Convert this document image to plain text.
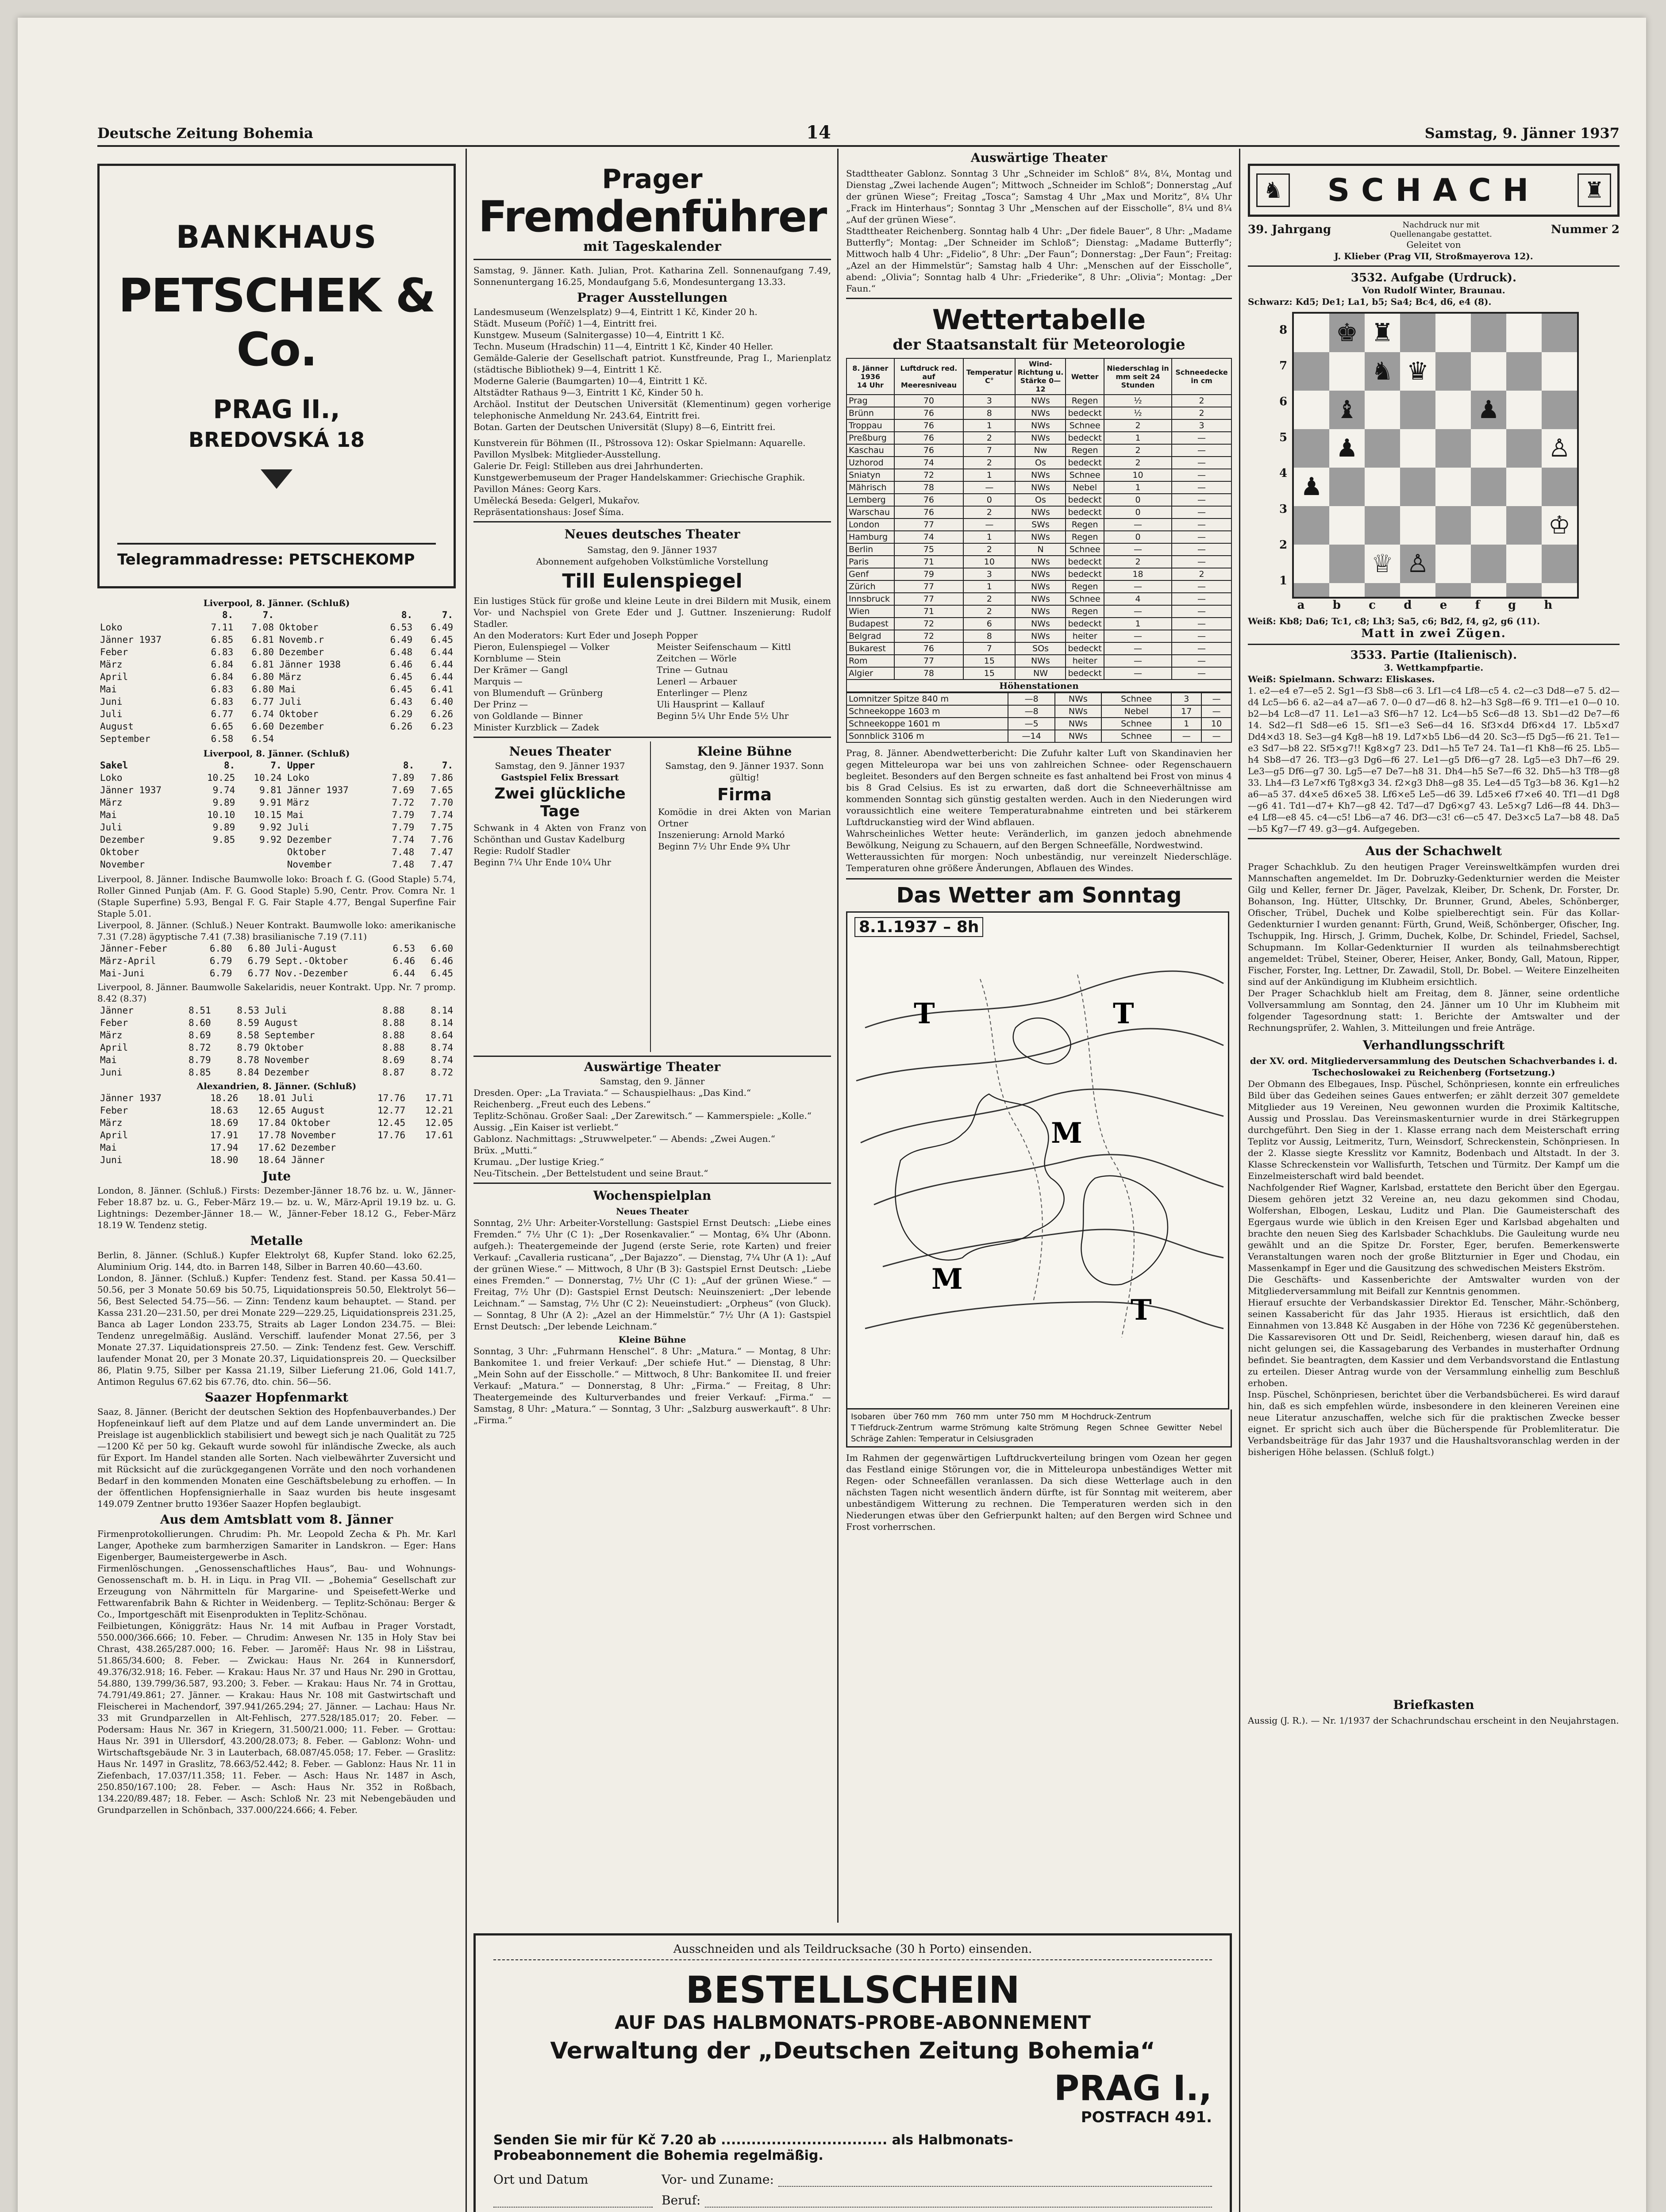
Deutsche Zeitung Bohemia	14	Samstag, 9. Jänner 1937
BANKHAUS
PETSCHEK & Co.
PRAG II.,
BREDOVSKÁ 18
Telegrammadresse: PETSCHEKOMP
Liverpool, 8. Jänner. (Schluß)
	8.	7.		8.	7.
Loko	7.11	7.08	Oktober	6.53	6.49
Jänner 1937	6.85	6.81	Novemb.r	6.49	6.45
Feber	6.83	6.80	Dezember	6.48	6.44
März	6.84	6.81	Jänner 1938	6.46	6.44
April	6.84	6.80	März	6.45	6.44
Mai	6.83	6.80	Mai	6.45	6.41
Juni	6.83	6.77	Juli	6.43	6.40
Juli	6.77	6.74	Oktober	6.29	6.26
August	6.65	6.60	Dezember	6.26	6.23
September	6.58	6.54			
Liverpool, 8. Jänner. (Schluß)
Sakel	8.	7.	Upper	8.	7.
Loko	10.25	10.24	Loko	7.89	7.86
Jänner 1937	9.74	9.81	Jänner 1937	7.69	7.65
März	9.89	9.91	März	7.72	7.70
Mai	10.10	10.15	Mai	7.79	7.74
Juli	9.89	9.92	Juli	7.79	7.75
Dezember	9.85	9.92	Dezember	7.74	7.76
Oktober			Oktober	7.48	7.47
November			November	7.48	7.47
Liverpool, 8. Jänner. Indische Baumwolle loko: Broach f. G. (Good Staple) 5.74, Roller Ginned Punjab (Am. F. G. Good Staple) 5.90, Centr. Prov. Comra Nr. 1 (Staple Superfine) 5.93, Bengal F. G. Fair Staple 4.77, Bengal Superfine Fair Staple 5.01.
Liverpool, 8. Jänner. (Schluß.) Neuer Kontrakt. Baumwolle loko: amerikanische 7.31 (7.28) ägyptische 7.41 (7.38) brasilianische 7.19 (7.11)
Jänner-Feber	6.80	6.80	Juli-August	6.53	6.60
März-April	6.79	6.79	Sept.-Oktober	6.46	6.46
Mai-Juni	6.79	6.77	Nov.-Dezember	6.44	6.45
Liverpool, 8. Jänner. Baumwolle Sakelaridis, neuer Kontrakt. Upp. Nr. 7 promp. 8.42 (8.37)
Jänner	8.51	8.53	Juli	8.88	8.14
Feber	8.60	8.59	August	8.88	8.14
März	8.69	8.58	September	8.88	8.64
April	8.72	8.79	Oktober	8.88	8.74
Mai	8.79	8.78	November	8.69	8.74
Juni	8.85	8.84	Dezember	8.87	8.72
Alexandrien, 8. Jänner. (Schluß)
Jänner 1937	18.26	18.01	Juli	17.76	17.71
Feber	18.63	12.65	August	12.77	12.21
März	18.69	17.84	Oktober	12.45	12.05
April	17.91	17.78	November	17.76	17.61
Mai	17.94	17.62	Dezember		
Juni	18.90	18.64	Jänner		
Jute
London, 8. Jänner. (Schluß.) Firsts: Dezember-Jänner 18.76 bz. u. W., Jänner-Feber 18.87 bz. u. G., Feber-März 19.— bz. u. W., März-April 19.19 bz. u. G. Lightnings: Dezember-Jänner 18.— W., Jänner-Feber 18.12 G., Feber-März 18.19 W. Tendenz stetig.
Metalle
Berlin, 8. Jänner. (Schluß.) Kupfer Elektrolyt 68, Kupfer Stand. loko 62.25, Aluminium Orig. 144, dto. in Barren 148, Silber in Barren 40.60—43.60.
London, 8. Jänner. (Schluß.) Kupfer: Tendenz fest. Stand. per Kassa 50.41—50.56, per 3 Monate 50.69 bis 50.75, Liquidationspreis 50.50, Elektrolyt 56—56, Best Selected 54.75—56. — Zinn: Tendenz kaum behauptet. — Stand. per Kassa 231.20—231.50, per drei Monate 229—229.25, Liquidationspreis 231.25, Banca ab Lager London 233.75, Straits ab Lager London 234.75. — Blei: Tendenz unregelmäßig. Ausländ. Verschiff. laufender Monat 27.56, per 3 Monate 27.37. Liquidationspreis 27.50. — Zink: Tendenz fest. Gew. Verschiff. laufender Monat 20, per 3 Monate 20.37, Liquidationspreis 20. — Quecksilber 86, Platin 9.75, Silber per Kassa 21.19, Silber Lieferung 21.06, Gold 141.7, Antimon Regulus 67.62 bis 67.76, dto. chin. 56—56.
Saazer Hopfenmarkt
Saaz, 8. Jänner. (Bericht der deutschen Sektion des Hopfenbauverbandes.) Der Hopfeneinkauf lieft auf dem Platze und auf dem Lande unvermindert an. Die Preislage ist augenblicklich stabilisiert und bewegt sich je nach Qualität zu 725—1200 Kč per 50 kg. Gekauft wurde sowohl für inländische Zwecke, als auch für Export. Im Handel standen alle Sorten. Nach vielbewährter Zuversicht und mit Rücksicht auf die zurückgegangenen Vorräte und den noch vorhandenen Bedarf in den kommenden Monaten eine Geschäftsbelebung zu erhoffen. — In der öffentlichen Hopfensignierhalle in Saaz wurden bis heute insgesamt 149.079 Zentner brutto 1936er Saazer Hopfen beglaubigt.
Aus dem Amtsblatt vom 8. Jänner
Firmenprotokollierungen. Chrudim: Ph. Mr. Leopold Zecha & Ph. Mr. Karl Langer, Apotheke zum barmherzigen Samariter in Landskron. — Eger: Hans Eigenberger, Baumeistergewerbe in Asch.
Firmenlöschungen. „Genossenschaftliches Haus“, Bau- und Wohnungs-Genossenschaft m. b. H. in Liqu. in Prag VII. — „Bohemia“ Gesellschaft zur Erzeugung von Nährmitteln für Margarine- und Speisefett-Werke und Fettwarenfabrik Bahn & Richter in Weidenberg. — Teplitz-Schönau: Berger & Co., Importgeschäft mit Eisenprodukten in Teplitz-Schönau.
Feilbietungen, Königgrätz: Haus Nr. 14 mit Aufbau in Prager Vorstadt, 550.000/366.666; 10. Feber. — Chrudim: Anwesen Nr. 135 in Holy Stav bei Chrast, 438.265/287.000; 16. Feber. — Jaroměř: Haus Nr. 98 in Lišstrau, 51.865/34.600; 8. Feber. — Zwickau: Haus Nr. 264 in Kunnersdorf, 49.376/32.918; 16. Feber. — Krakau: Haus Nr. 37 und Haus Nr. 290 in Grottau, 54.880, 139.799/36.587, 93.200; 3. Feber. — Krakau: Haus Nr. 74 in Grottau, 74.791/49.861; 27. Jänner. — Krakau: Haus Nr. 108 mit Gastwirtschaft und Fleischerei in Machendorf, 397.941/265.294; 27. Jänner. — Lachau: Haus Nr. 33 mit Grundparzellen in Alt-Fehlisch, 277.528/185.017; 20. Feber. — Podersam: Haus Nr. 367 in Kriegern, 31.500/21.000; 11. Feber. — Grottau: Haus Nr. 391 in Ullersdorf, 43.200/28.073; 8. Feber. — Gablonz: Wohn- und Wirtschaftsgebäude Nr. 3 in Lauterbach, 68.087/45.058; 17. Feber. — Graslitz: Haus Nr. 1497 in Graslitz, 78.663/52.442; 8. Feber. — Gablonz: Haus Nr. 11 in Ziefenbach, 17.037/11.358; 11. Feber. — Asch: Haus Nr. 1487 in Asch, 250.850/167.100; 28. Feber. — Asch: Haus Nr. 352 in Roßbach, 134.220/89.487; 18. Feber. — Asch: Schloß Nr. 23 mit Nebengebäuden und Grundparzellen in Schönbach, 337.000/224.666; 4. Feber.
Prager
Fremdenführer
mit Tageskalender
Samstag, 9. Jänner. Kath. Julian, Prot. Katharina Zell. Sonnenaufgang 7.49, Sonnenuntergang 16.25, Mondaufgang 5.6, Mondesuntergang 13.33.
Prager Ausstellungen
Landesmuseum (Wenzelsplatz) 9—4, Eintritt 1 Kč, Kinder 20 h.
Städt. Museum (Poříč) 1—4, Eintritt frei.
Kunstgew. Museum (Salnitergasse) 10—4, Eintritt 1 Kč.
Techn. Museum (Hradschin) 11—4, Eintritt 1 Kč, Kinder 40 Heller.
Gemälde-Galerie der Gesellschaft patriot. Kunstfreunde, Prag I., Marienplatz (städtische Bibliothek) 9—4, Eintritt 1 Kč.
Moderne Galerie (Baumgarten) 10—4, Eintritt 1 Kč.
Altstädter Rathaus 9—3, Eintritt 1 Kč, Kinder 50 h.
Archäol. Institut der Deutschen Universität (Klementinum) gegen vorherige telephonische Anmeldung Nr. 243.64, Eintritt frei.
Botan. Garten der Deutschen Universität (Slupy) 8—6, Eintritt frei.
Kunstverein für Böhmen (II., Pštrossova 12): Oskar Spielmann: Aquarelle.
Pavillon Myslbek: Mitglieder-Ausstellung.
Galerie Dr. Feigl: Stilleben aus drei Jahrhunderten.
Kunstgewerbemuseum der Prager Handelskammer: Griechische Graphik.
Pavillon Mánes: Georg Kars.
Umělecká Beseda: Gelgerl, Mukařov.
Repräsentationshaus: Josef Šíma.
Neues deutsches Theater
Samstag, den 9. Jänner 1937
Abonnement aufgehoben Volkstümliche Vorstellung
Till Eulenspiegel
Ein lustiges Stück für große und kleine Leute in drei Bildern mit Musik, einem Vor- und Nachspiel von Grete Eder und J. Guttner. Inszenierung: Rudolf Stadler.
An den Moderators: Kurt Eder und Joseph Popper
Pieron, Eulenspiegel — Volker
Kornblume — Stein
Der Krämer — Gangl
Marquis —
von Blumenduft — Grünberg
Der Prinz —
von Goldlande — Binner
Minister Kurzblick — Zadek
Meister Seifenschaum — Kittl
Zeitchen — Wörle
Trine — Gutnau
Lenerl — Arbauer
Enterlinger — Plenz
Uli Hausprint — Kallauf
Beginn 5¼ Uhr Ende 5½ Uhr
Neues Theater
Samstag, den 9. Jänner 1937
Gastspiel Felix Bressart
Zwei glückliche Tage
Schwank in 4 Akten von Franz von Schönthan und Gustav Kadelburg
Regie: Rudolf Stadler
Beginn 7¼ Uhr Ende 10¼ Uhr
Kleine Bühne
Samstag, den 9. Jänner 1937. Sonn gültig!
Firma
Komödie in drei Akten von Marian Ortner
Inszenierung: Arnold Markó
Beginn 7½ Uhr Ende 9¾ Uhr
Auswärtige Theater
Samstag, den 9. Jänner
Dresden. Oper: „La Traviata.“ — Schauspielhaus: „Das Kind.“
Reichenberg. „Freut euch des Lebens.“
Teplitz-Schönau. Großer Saal: „Der Zarewitsch.“ — Kammerspiele: „Kolle.“
Aussig. „Ein Kaiser ist verliebt.“
Gablonz. Nachmittags: „Struwwelpeter.“ — Abends: „Zwei Augen.“
Brüx. „Mutti.“
Krumau. „Der lustige Krieg.“
Neu-Titschein. „Der Bettelstudent und seine Braut.“
Wochenspielplan
Neues Theater
Sonntag, 2½ Uhr: Arbeiter-Vorstellung: Gastspiel Ernst Deutsch: „Liebe eines Fremden.“ 7½ Uhr (C 1): „Der Rosenkavalier.“ — Montag, 6¾ Uhr (Abonn. aufgeh.): Theatergemeinde der Jugend (erste Serie, rote Karten) und freier Verkauf: „Cavalleria rusticana“, „Der Bajazzo“. — Dienstag, 7¼ Uhr (A 1): „Auf der grünen Wiese.“ — Mittwoch, 8 Uhr (B 3): Gastspiel Ernst Deutsch: „Liebe eines Fremden.“ — Donnerstag, 7½ Uhr (C 1): „Auf der grünen Wiese.“ — Freitag, 7½ Uhr (D): Gastspiel Ernst Deutsch: Neuinszeniert: „Der lebende Leichnam.“ — Samstag, 7½ Uhr (C 2): Neueinstudiert: „Orpheus“ (von Gluck). — Sonntag, 8 Uhr (A 2): „Azel an der Himmelstür.“ 7½ Uhr (A 1): Gastspiel Ernst Deutsch: „Der lebende Leichnam.“
Kleine Bühne
Sonntag, 3 Uhr: „Fuhrmann Henschel“. 8 Uhr: „Matura.“ — Montag, 8 Uhr: Bankomitee 1. und freier Verkauf: „Der schiefe Hut.“ — Dienstag, 8 Uhr: „Mein Sohn auf der Eisscholle.“ — Mittwoch, 8 Uhr: Bankomitee II. und freier Verkauf: „Matura.“ — Donnerstag, 8 Uhr: „Firma.“ — Freitag, 8 Uhr: Theatergemeinde des Kulturverbandes und freier Verkauf: „Firma.“ — Samstag, 8 Uhr: „Matura.“ — Sonntag, 3 Uhr: „Salzburg auswerkauft“. 8 Uhr: „Firma.“
Auswärtige Theater
Stadttheater Gablonz. Sonntag 3 Uhr „Schneider im Schloß“ 8¼, 8¼, Montag und Dienstag „Zwei lachende Augen“; Mittwoch „Schneider im Schloß“; Donnerstag „Auf der grünen Wiese“; Freitag „Tosca“; Samstag 4 Uhr „Max und Moritz“, 8¼ Uhr „Frack im Hinterhaus“; Sonntag 3 Uhr „Menschen auf der Eisscholle“, 8¼ und 8¼ „Auf der grünen Wiese“.
Stadttheater Reichenberg. Sonntag halb 4 Uhr: „Der fidele Bauer“, 8 Uhr: „Madame Butterfly“; Montag: „Der Schneider im Schloß“; Dienstag: „Madame Butterfly“; Mittwoch halb 4 Uhr: „Fidelio“, 8 Uhr: „Der Faun“; Donnerstag: „Der Faun“; Freitag: „Azel an der Himmelstür“; Samstag halb 4 Uhr: „Menschen auf der Eisscholle“, abend: „Olivia“; Sonntag halb 4 Uhr: „Friederike“, 8 Uhr: „Olivia“; Montag: „Der Faun.“
Wettertabelle
der Staatsanstalt für Meteorologie
8. Jänner 1936
14 Uhr	Luftdruck red. auf Meeresniveau	Temperatur C°	Wind-Richtung u. Stärke 0—12	Wetter	Niederschlag in mm seit 24 Stunden	Schneedecke in cm
Prag	70	3	NWs	Regen	½	2
Brünn	76	8	NWs	bedeckt	½	2
Troppau	76	1	NWs	Schnee	2	3
Preßburg	76	2	NWs	bedeckt	1	—
Kaschau	76	7	Nw	Regen	2	—
Uzhorod	74	2	Os	bedeckt	2	—
Sniatyn	72	1	NWs	Schnee	10	—
Mährisch	78	—	NWs	Nebel	1	—
Lemberg	76	0	Os	bedeckt	0	—
Warschau	76	2	NWs	bedeckt	0	—
London	77	—	SWs	Regen	—	—
Hamburg	74	1	NWs	Regen	0	—
Berlin	75	2	N	Schnee	—	—
Paris	71	10	NWs	bedeckt	2	—
Genf	79	3	NWs	bedeckt	18	2
Zürich	77	1	NWs	Regen	—	—
Innsbruck	77	2	NWs	Schnee	4	—
Wien	71	2	NWs	Regen	—	—
Budapest	72	6	NWs	bedeckt	1	—
Belgrad	72	8	NWs	heiter	—	—
Bukarest	76	7	SOs	bedeckt	—	—
Rom	77	15	NWs	heiter	—	—
Algier	78	15	NW	bedeckt	—	—
Höhenstationen
Lomnitzer Spitze 840 m	—8	NWs	Schnee	3	—
Schneekoppe 1603 m	—8	NWs	Nebel	17	—
Schneekoppe 1601 m	—5	NWs	Schnee	1	10
Sonnblick 3106 m	—14	NWs	Schnee	—	—
Prag, 8. Jänner. Abendwetterbericht: Die Zufuhr kalter Luft von Skandinavien her gegen Mitteleuropa war bei uns von zahlreichen Schnee- oder Regenschauern begleitet. Besonders auf den Bergen schneite es fast anhaltend bei Frost von minus 4 bis 8 Grad Celsius. Es ist zu erwarten, daß dort die Schneeverhältnisse am kommenden Sonntag sich günstig gestalten werden. Auch in den Niederungen wird voraussichtlich eine weitere Temperaturabnahme eintreten und bei stärkerem Luftdruckanstieg wird der Wind abflauen.
Wahrscheinliches Wetter heute: Veränderlich, im ganzen jedoch abnehmende Bewölkung, Neigung zu Schauern, auf den Bergen Schneefälle, Nordwestwind.
Wetteraussichten für morgen: Noch unbeständig, nur vereinzelt Niederschläge. Temperaturen ohne größere Änderungen, Abflauen des Windes.
Das Wetter am Sonntag
8.1.1937 – 8h
T	T
M
M
T
Isobaren über 760 mm 760 mm unter 750 mm M Hochdruck-Zentrum
T Tiefdruck-Zentrum warme Strömung kalte Strömung Regen Schnee Gewitter Nebel
Schräge Zahlen: Temperatur in Celsiusgraden
Im Rahmen der gegenwärtigen Luftdruckverteilung bringen vom Ozean her gegen das Festland einige Störungen vor, die in Mitteleuropa unbeständiges Wetter mit Regen- oder Schneefällen veranlassen. Da sich diese Wetterlage auch in den nächsten Tagen nicht wesentlich ändern dürfte, ist für Sonntag mit weiterem, aber unbeständigem Witterung zu rechnen. Die Temperaturen werden sich in den Niederungen etwas über den Gefrierpunkt halten; auf den Bergen wird Schnee und Frost vorherrschen.
Ausschneiden und als Teildrucksache (30 h Porto) einsenden.
BESTELLSCHEIN
AUF DAS HALBMONATS-PROBE-ABONNEMENT
Verwaltung der „Deutschen Zeitung Bohemia“
PRAG I.,
POSTFACH 491.
Senden Sie mir für Kč 7.20 ab ................................. als Halbmonats-
Probeabonnement die Bohemia regelmäßig.
Ort und Datum	Vor- und Zuname:
Beruf:
♞ SCHACH	♜
39. Jahrgang	Nachdruck nur mit Quellenangabe gestattet.	Nummer 2
Geleitet von
J. Klieber (Prag VII, Stroßmayerova 12).
3532. Aufgabe (Urdruck).
Von Rudolf Winter, Braunau.
Schwarz: Kd5; De1; La1, b5; Sa4; Bc4, d6, e4 (8).
8
7
6
5
4
3
2
1
♚ ♜
♞ ♛
♝	♟
♟	♙
♟
♔
♕ ♙
a b c d e f g h
Weiß: Kb8; Da6; Tc1, c8; Lh3; Sa5, c6; Bd2, f4, g2, g6 (11).
Matt in zwei Zügen.
3533. Partie (Italienisch).
3. Wettkampfpartie.
Weiß: Spielmann. Schwarz: Eliskases.
1. e2—e4 e7—e5 2. Sg1—f3 Sb8—c6 3. Lf1—c4 Lf8—c5 4. c2—c3 Dd8—e7 5. d2—d4 Lc5—b6 6. a2—a4 a7—a6 7. 0—0 d7—d6 8. h2—h3 Sg8—f6 9. Tf1—e1 0—0 10. b2—b4 Lc8—d7 11. Le1—a3 Sf6—h7 12. Lc4—b5 Sc6—d8 13. Sb1—d2 De7—f6 14. Sd2—f1 Sd8—e6 15. Sf1—e3 Se6—d4 16. Sf3×d4 Df6×d4 17. Lb5×d7 Dd4×d3 18. Se3—g4 Kg8—h8 19. Ld7×b5 Lb6—d4 20. Sc3—f5 Dg5—f6 21. Te1—e3 Sd7—b8 22. Sf5×g7!! Kg8×g7 23. Dd1—h5 Te7 24. Ta1—f1 Kh8—f6 25. Lb5—h4 Sb8—d7 26. Tf3—g3 Dg6—f6 27. Le1—g5 Df6—g7 28. Lg5—e3 Dh7—f6 29. Le3—g5 Df6—g7 30. Lg5—e7 De7—h8 31. Dh4—h5 Se7—f6 32. Dh5—h3 Tf8—g8 33. Lh4—f3 Le7×f6 Tg8×g3 34. f2×g3 Dh8—g8 35. Le4—d5 Tg3—b8 36. Kg1—h2 a6—a5 37. d4×e5 d6×e5 38. Lf6×e5 Le5—d6 39. Ld5×e6 f7×e6 40. Tf1—d1 Dg8—g6 41. Td1—d7+ Kh7—g8 42. Td7—d7 Dg6×g7 43. Le5×g7 Ld6—f8 44. Dh3—e4 Lf8—e8 45. c4—c5! Lb6—a7 46. Df3—c3! c6—c5 47. De3×c5 La7—b8 48. Da5—b5 Kg7—f7 49. g3—g4. Aufgegeben.
Aus der Schachwelt
Prager Schachklub. Zu den heutigen Prager Vereinsweltkämpfen wurden drei Mannschaften angemeldet. Im Dr. Dobruzky-Gedenkturnier werden die Meister Gilg und Keller, ferner Dr. Jäger, Pavelzak, Kleiber, Dr. Schenk, Dr. Forster, Dr. Bohanson, Ing. Hütter, Ultschky, Dr. Brunner, Grund, Abeles, Schönberger, Ofischer, Trübel, Duchek und Kolbe spielberechtigt sein. Für das Kollar-Gedenkturnier I wurden genannt: Fürth, Grund, Weiß, Schönberger, Ofischer, Ing. Tschuppik, Ing. Hirsch, J. Grimm, Duchek, Kolbe, Dr. Schindel, Friedel, Sachsel, Schupmann. Im Kollar-Gedenkturnier II wurden als teilnahmsberechtigt angemeldet: Trübel, Steiner, Oberer, Heiser, Anker, Bondy, Gall, Matoun, Ripper, Fischer, Forster, Ing. Lettner, Dr. Zawadil, Stoll, Dr. Bobel. — Weitere Einzelheiten sind auf der Ankündigung im Klubheim ersichtlich.
Der Prager Schachklub hielt am Freitag, dem 8. Jänner, seine ordentliche Vollversammlung am Sonntag, den 24. Jänner um 10 Uhr im Klubheim mit folgender Tagesordnung statt: 1. Berichte der Amtswalter und der Rechnungsprüfer, 2. Wahlen, 3. Mitteilungen und freie Anträge.
Verhandlungsschrift
der XV. ord. Mitgliederversammlung des Deutschen Schachverbandes i. d. Tschechoslowakei zu Reichenberg (Fortsetzung.)
Der Obmann des Elbegaues, Insp. Püschel, Schönpriesen, konnte ein erfreuliches Bild über das Gedeihen seines Gaues entwerfen; er zählt derzeit 307 gemeldete Mitglieder aus 19 Vereinen, Neu gewonnen wurden die Proximik Kaltitsche, Aussig und Prosslau. Das Vereinsmaskenturnier wurde in drei Stärkegruppen durchgeführt. Den Sieg in der 1. Klasse errang nach dem Meisterschaft erring Teplitz vor Aussig, Leitmeritz, Turn, Weinsdorf, Schreckenstein, Schönpriesen. In der 2. Klasse siegte Kresslitz vor Kamnitz, Bodenbach und Altstadt. In der 3. Klasse Schreckenstein vor Wallisfurth, Tetschen und Türmitz. Der Kampf um die Einzelmeisterschaft wird bald beendet.
Nachfolgender Rief Wagner, Karlsbad, erstattete den Bericht über den Egergau. Diesem gehören jetzt 32 Vereine an, neu dazu gekommen sind Chodau, Wolfershan, Elbogen, Leskau, Luditz und Plan. Die Gaumeisterschaft des Egergaus wurde wie üblich in den Kreisen Eger und Karlsbad abgehalten und brachte den neuen Sieg des Karlsbader Schachklubs. Die Gauleitung wurde neu gewählt und an die Spitze Dr. Forster, Eger, berufen. Bemerkenswerte Veranstaltungen waren noch der große Blitzturnier in Eger und Chodau, ein Massenkampf in Eger und die Gausitzung des schwedischen Meisters Ekström.
Die Geschäfts- und Kassenberichte der Amtswalter wurden von der Mitgliederversammlung mit Beifall zur Kenntnis genommen.
Hierauf ersuchte der Verbandskassier Direktor Ed. Tenscher, Mähr.-Schönberg, seinen Kassabericht für das Jahr 1935. Hieraus ist ersichtlich, daß den Einnahmen von 13.848 Kč Ausgaben in der Höhe von 7236 Kč gegenüberstehen. Die Kassarevisoren Ott und Dr. Seidl, Reichenberg, wiesen darauf hin, daß es nicht gelungen sei, die Kassagebarung des Verbandes in musterhafter Ordnung befindet. Sie beantragten, dem Kassier und dem Verbandsvorstand die Entlastung zu erteilen. Dieser Antrag wurde von der Versammlung einhellig zum Beschluß erhoben.
Insp. Püschel, Schönpriesen, berichtet über die Verbandsbücherei. Es wird darauf hin, daß es sich empfehlen würde, insbesondere in den kleineren Vereinen eine neue Literatur anzuschaffen, welche sich für die praktischen Zwecke besser eignet. Er spricht sich auch über die Bücherspende für Problemliteratur. Die Verbandsbeiträge für das Jahr 1937 und die Haushaltsvoranschlag werden in der bisherigen Höhe belassen. (Schluß folgt.)
Briefkasten
Aussig (J. R.). — Nr. 1/1937 der Schachrundschau erscheint in den Neujahrstagen.
